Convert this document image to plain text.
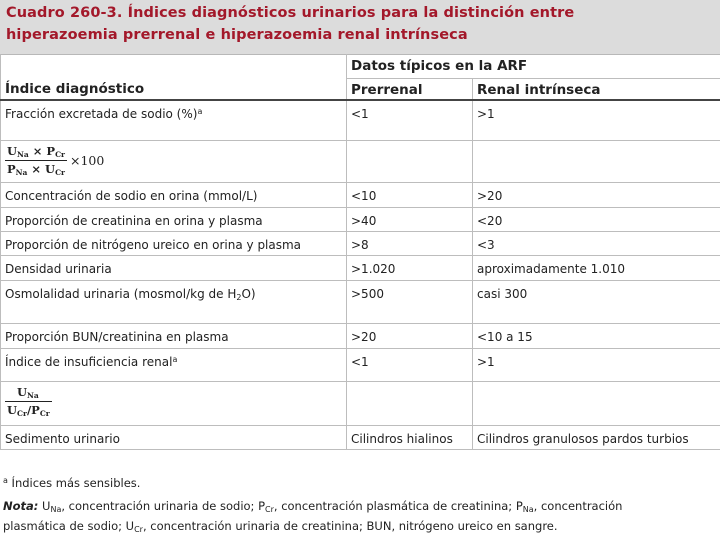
Cuadro 260-3. Índices diagnósticos urinarios para la distinción entre
hiperazoemia prerrenal e hiperazoemia renal intrínseca
	Datos típicos en la ARF	
Índice diagnóstico	Prerrenal	Renal intrínseca
Fracción excretada de sodio (%)$^a$	<1	>1

$\frac{U_{Na} \times P_{Cr}}{P_{Na} \times U_{Cr}} \times 100$		
Concentración de sodio en orina (mmol/L)	<10	>20
Proporción de creatinina en orina y plasma	>40	<20
Proporción de nitrógeno ureico en orina y plasma	>8	<3
Densidad urinaria	>1.020	aproximadamente 1.010
Osmolalidad urinaria (mosmol/kg de $H_2O$)	>500	casi 300
Proporción BUN/creatinina en plasma	>20	<10 a 15
Índice de insuficiencia renal$^a$	<1	>1

$\frac{U_{Na}}{U_{Cr}/P_{Cr}}$

Sedimento urinario	Cilindros hialinos	Cilindros granulosos pardos turbios
$^a$ Índices más sensibles.
Nota: $U_{Na}$, concentración urinaria de sodio; $P_{Cr}$, concentración plasmática de creatinina; $P_{Na}$, concentración
plasmática de sodio; $U_{Cr}$, concentración urinaria de creatinina; BUN, nitrógeno ureico en sangre.
